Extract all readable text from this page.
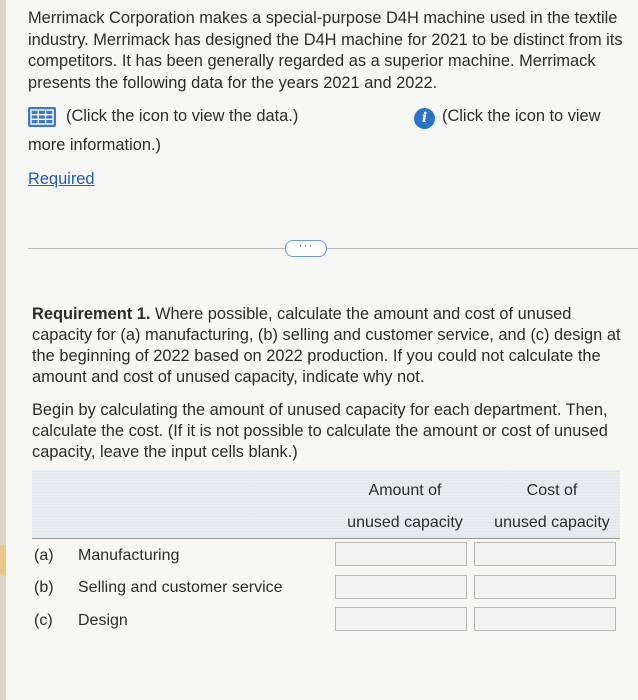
Merrimack Corporation makes a special-purpose D4H machine used in the textile industry. Merrimack has designed the D4H machine for 2021 to be distinct from its competitors. It has been generally regarded as a superior machine. Merrimack presents the following data for the years 2021 and 2022.

(Click the icon to view the data.)	i (Click the icon to view
more information.)
Required
···

Requirement 1. Where possible, calculate the amount and cost of unused capacity for (a) manufacturing, (b) selling and customer service, and (c) design at the beginning of 2022 based on 2022 production. If you could not calculate the amount and cost of unused capacity, indicate why not.

Begin by calculating the amount of unused capacity for each department. Then, calculate the cost. (If it is not possible to calculate the amount or cost of unused capacity, leave the input cells blank.)

Amount of
unused capacity
Cost of
unused capacity
(a) Manufacturing
(b) Selling and customer service
(c) Design
